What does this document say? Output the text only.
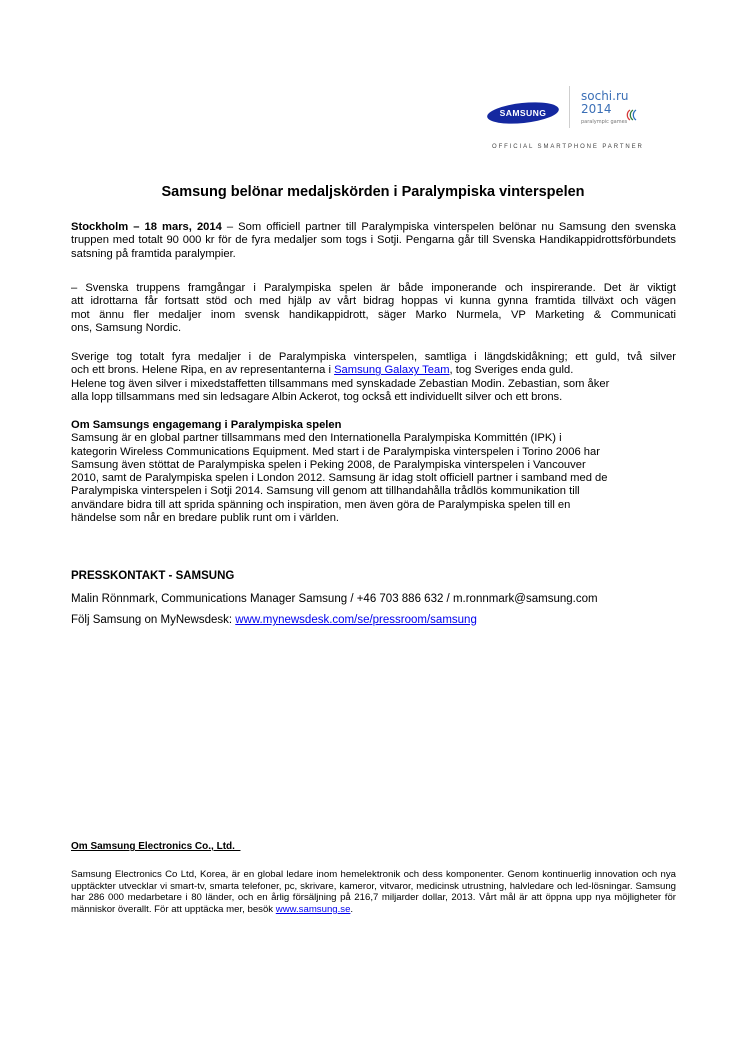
SAMSUNG
sochi.ru
2014
paralympic games
OFFICIAL SMARTPHONE PARTNER
Samsung belönar medaljskörden i Paralympiska vinterspelen

Stockholm – 18 mars, 2014 – Som officiell partner till Paralympiska vinterspelen belönar nu Samsung den svenska truppen med totalt 90 000 kr för de fyra medaljer som togs i Sotji. Pengarna går till Svenska Handikappidrottsförbundets satsning på framtida paralympier.

– Svenska truppens framgångar i Paralympiska spelen är både imponerande och inspirerande. Det är viktigt
att idrottarna får fortsatt stöd och med hjälp av vårt bidrag hoppas vi kunna gynna framtida tillväxt och vägen
mot ännu fler medaljer inom svensk handikappidrott, säger Marko Nurmela, VP Marketing & Communicati
ons, Samsung Nordic.
Sverige tog totalt fyra medaljer i de Paralympiska vinterspelen, samtliga i längdskidåkning; ett guld, två silver
och ett brons. Helene Ripa, en av representanterna i Samsung Galaxy Team, tog Sveriges enda guld.
Helene tog även silver i mixedstaffetten tillsammans med synskadade Zebastian Modin. Zebastian, som åker
alla lopp tillsammans med sin ledsagare Albin Ackerot, tog också ett individuellt silver och ett brons.
Om Samsungs engagemang i Paralympiska spelen
Samsung är en global partner tillsammans med den Internationella Paralympiska Kommittén (IPK) i
kategorin Wireless Communications Equipment. Med start i de Paralympiska vinterspelen i Torino 2006 har
Samsung även stöttat de Paralympiska spelen i Peking 2008, de Paralympiska vinterspelen i Vancouver
2010, samt de Paralympiska spelen i London 2012. Samsung är idag stolt officiell partner i samband med de
Paralympiska vinterspelen i Sotji 2014. Samsung vill genom att tillhandahålla trådlös kommunikation till
användare bidra till att sprida spänning och inspiration, men även göra de Paralympiska spelen till en
händelse som når en bredare publik runt om i världen.
PRESSKONTAKT - SAMSUNG
Malin Rönnmark, Communications Manager Samsung / +46 703 886 632 / m.ronnmark@samsung.com
Följ Samsung on MyNewsdesk: www.mynewsdesk.com/se/pressroom/samsung
Om Samsung Electronics Co., Ltd.

Samsung Electronics Co Ltd, Korea, är en global ledare inom hemelektronik och dess komponenter. Genom kontinuerlig innovation och nya upptäckter utvecklar vi smart-tv, smarta telefoner, pc, skrivare, kameror, vitvaror, medicinsk utrustning, halvledare och led-lösningar. Samsung har 286 000 medarbetare i 80 länder, och en årlig försäljning på 216,7 miljarder dollar, 2013. Vårt mål är att öppna upp nya möjligheter för människor överallt. För att upptäcka mer, besök www.samsung.se.
